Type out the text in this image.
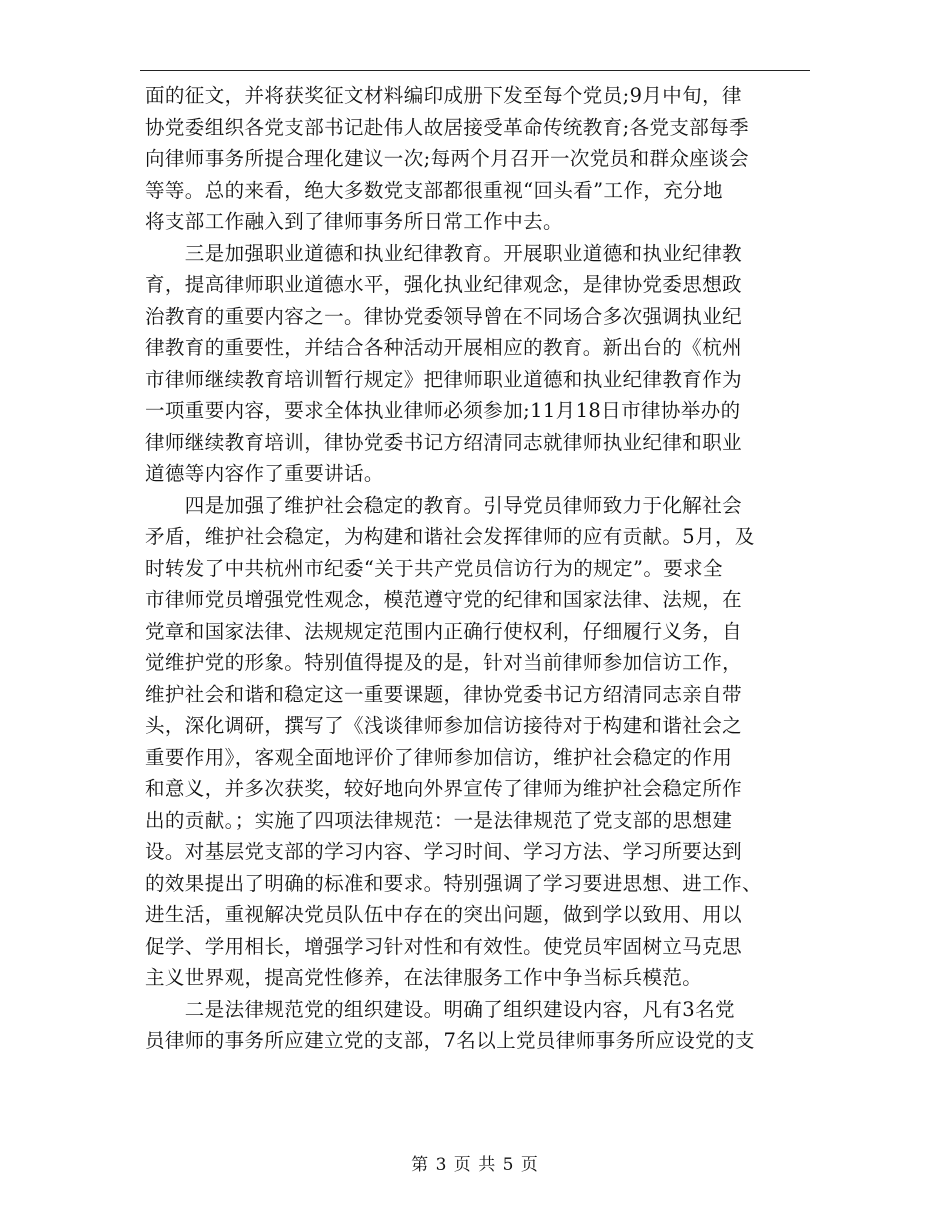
面的征文，并将获奖征文材料编印成册下发至每个党员;9月中旬，律
协党委组织各党支部书记赴伟人故居接受革命传统教育;各党支部每季
向律师事务所提合理化建议一次;每两个月召开一次党员和群众座谈会
等等。总的来看，绝大多数党支部都很重视“回头看”工作，充分地
将支部工作融入到了律师事务所日常工作中去。
　　三是加强职业道德和执业纪律教育。开展职业道德和执业纪律教
育，提高律师职业道德水平，强化执业纪律观念，是律协党委思想政
治教育的重要内容之一。律协党委领导曾在不同场合多次强调执业纪
律教育的重要性，并结合各种活动开展相应的教育。新出台的《杭州
市律师继续教育培训暂行规定》把律师职业道德和执业纪律教育作为
一项重要内容，要求全体执业律师必须参加;11月18日市律协举办的
律师继续教育培训，律协党委书记方绍清同志就律师执业纪律和职业
道德等内容作了重要讲话。
　　四是加强了维护社会稳定的教育。引导党员律师致力于化解社会
矛盾，维护社会稳定，为构建和谐社会发挥律师的应有贡献。5月，及
时转发了中共杭州市纪委“关于共产党员信访行为的规定”。要求全
市律师党员增强党性观念，模范遵守党的纪律和国家法律、法规，在
党章和国家法律、法规规定范围内正确行使权利，仔细履行义务，自
觉维护党的形象。特别值得提及的是，针对当前律师参加信访工作，
维护社会和谐和稳定这一重要课题，律协党委书记方绍清同志亲自带
头，深化调研，撰写了《浅谈律师参加信访接待对于构建和谐社会之
重要作用》，客观全面地评价了律师参加信访，维护社会稳定的作用
和意义，并多次获奖，较好地向外界宣传了律师为维护社会稳定所作
出的贡献。；实施了四项法律规范：一是法律规范了党支部的思想建
设。对基层党支部的学习内容、学习时间、学习方法、学习所要达到
的效果提出了明确的标准和要求。特别强调了学习要进思想、进工作、
进生活，重视解决党员队伍中存在的突出问题，做到学以致用、用以
促学、学用相长，增强学习针对性和有效性。使党员牢固树立马克思
主义世界观，提高党性修养，在法律服务工作中争当标兵模范。
　　二是法律规范党的组织建设。明确了组织建设内容，凡有3名党
员律师的事务所应建立党的支部，7名以上党员律师事务所应设党的支
第 3 页 共 5 页
